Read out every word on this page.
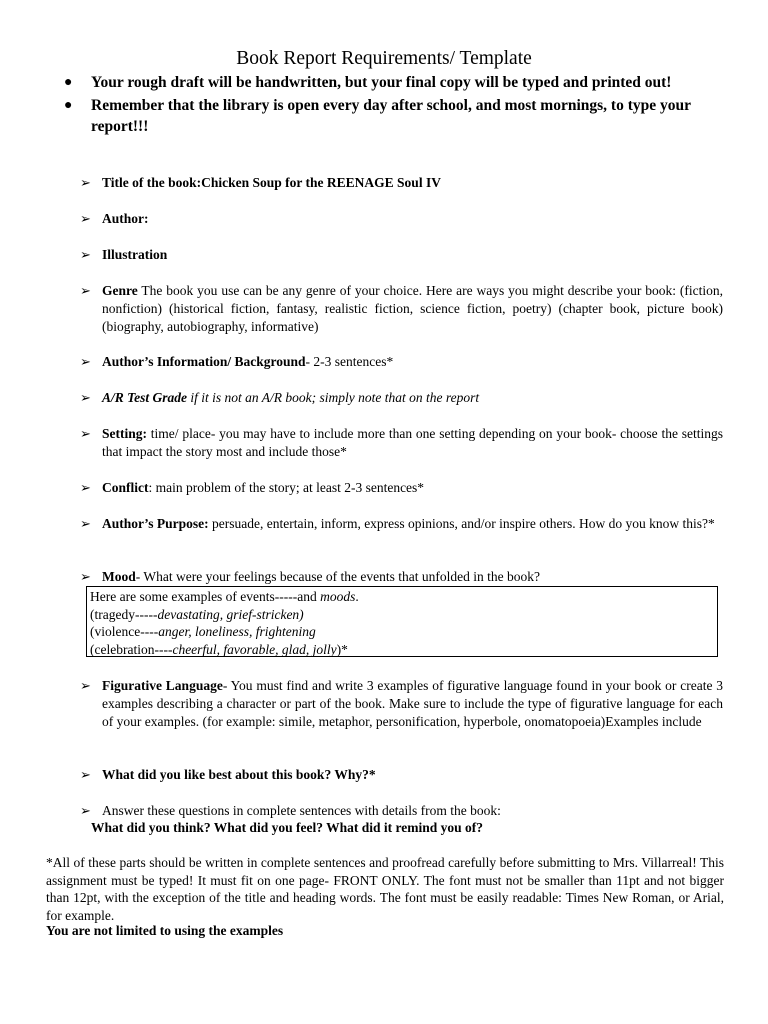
Book Report Requirements/ Template
●	Your rough draft will be handwritten, but your final copy will be typed and printed out!
●	Remember that the library is open every day after school, and most mornings, to type your report!!!
➢ Title of the book:Chicken Soup for the REENAGE Soul IV
➢ Author:
➢ Illustration
➢ Genre The book you use can be any genre of your choice. Here are ways you might describe your book: (fiction, nonfiction) (historical fiction, fantasy, realistic fiction, science fiction, poetry) (chapter book, picture book) (biography, autobiography, informative)
➢ Author’s Information/ Background- 2-3 sentences*
➢ A/R Test Grade if it is not an A/R book; simply note that on the report
➢ Setting: time/ place- you may have to include more than one setting depending on your book- choose the settings that impact the story most and include those*
➢ Conflict: main problem of the story; at least 2-3 sentences*
➢ Author’s Purpose: persuade, entertain, inform, express opinions, and/or inspire others. How do you know this?*
➢ Mood- What were your feelings because of the events that unfolded in the book?
Here are some examples of events-----and moods.
(tragedy-----devastating, grief-stricken)
(violence----anger, loneliness, frightening
(celebration----cheerful, favorable, glad, jolly)*
➢ Figurative Language- You must find and write 3 examples of figurative language found in your book or create 3 examples describing a character or part of the book. Make sure to include the type of figurative language for each of your examples. (for example: simile, metaphor, personification, hyperbole, onomatopoeia)Examples include
➢ What did you like best about this book? Why?*
➢ Answer these questions in complete sentences with details from the book:
What did you think? What did you feel? What did it remind you of?
*All of these parts should be written in complete sentences and proofread carefully before submitting to Mrs. Villarreal! This assignment must be typed! It must fit on one page- FRONT ONLY. The font must not be smaller than 11pt and not bigger than 12pt, with the exception of the title and heading words. The font must be easily readable: Times New Roman, or Arial, for example.
You are not limited to using the examples
